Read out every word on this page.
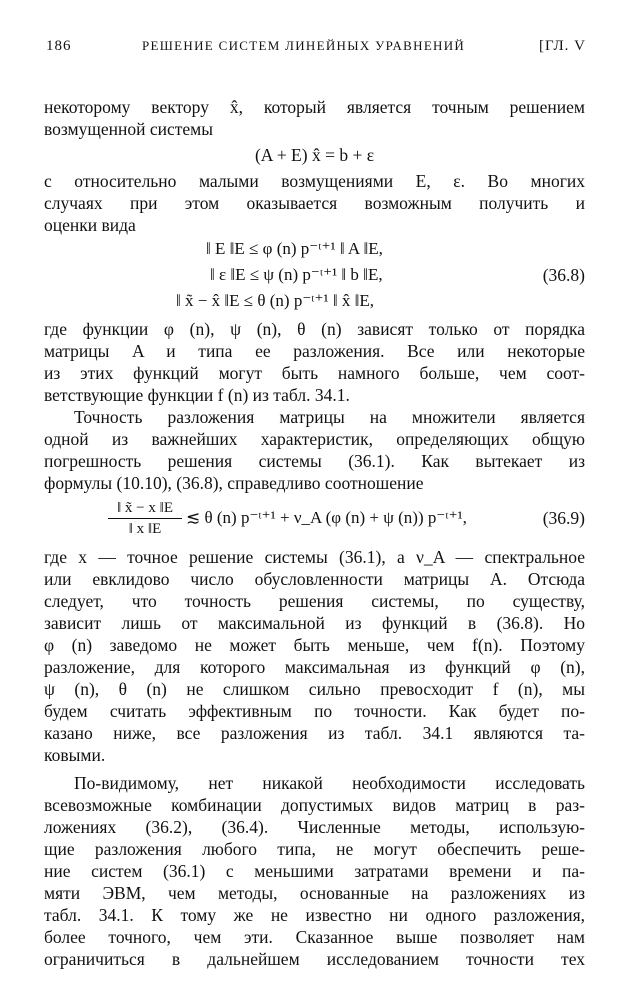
186	РЕШЕНИЕ СИСТЕМ ЛИНЕЙНЫХ УРАВНЕНИЙ	[ГЛ. V
некоторому вектору x̂, который является точным решением
возмущенной системы
(A + E) x̂ = b + ε
с относительно малыми возмущениями E, ε. Во многих
случаях при этом оказывается возможным получить и
оценки вида
‖ E ‖E ≤ φ (n) p⁻ᵗ⁺¹ ‖ A ‖E,
‖ ε ‖E ≤ ψ (n) p⁻ᵗ⁺¹ ‖ b ‖E,
‖ x̃ − x̂ ‖E ≤ θ (n) p⁻ᵗ⁺¹ ‖ x̂ ‖E,
(36.8)
где функции φ (n), ψ (n), θ (n) зависят только от порядка
матрицы A и типа ее разложения. Все или некоторые
из этих функций могут быть намного больше, чем соот-
ветствующие функции f (n) из табл. 34.1.
Точность разложения матрицы на множители является
одной из важнейших характеристик, определяющих общую
погрешность решения системы (36.1). Как вытекает из
формулы (10.10), (36.8), справедливо соотношение
$\frac{‖ x̃ - x ‖E}{‖ x ‖E}$ ≲ θ (n) p⁻ᵗ⁺¹ + ν_A (φ (n) + ψ (n)) p⁻ᵗ⁺¹,	(36.9)
где x — точное решение системы (36.1), а ν_A — спектральное
или евклидово число обусловленности матрицы A. Отсюда
следует, что точность решения системы, по существу,
зависит лишь от максимальной из функций в (36.8). Но
φ (n) заведомо не может быть меньше, чем f(n). Поэтому
разложение, для которого максимальная из функций φ (n),
ψ (n), θ (n) не слишком сильно превосходит f (n), мы
будем считать эффективным по точности. Как будет по-
казано ниже, все разложения из табл. 34.1 являются та-
ковыми.
По-видимому, нет никакой необходимости исследовать
всевозможные комбинации допустимых видов матриц в раз-
ложениях (36.2), (36.4). Численные методы, использую-
щие разложения любого типа, не могут обеспечить реше-
ние систем (36.1) с меньшими затратами времени и па-
мяти ЭВМ, чем методы, основанные на разложениях из
табл. 34.1. К тому же не известно ни одного разложения,
более точного, чем эти. Сказанное выше позволяет нам
ограничиться в дальнейшем исследованием точности тех
